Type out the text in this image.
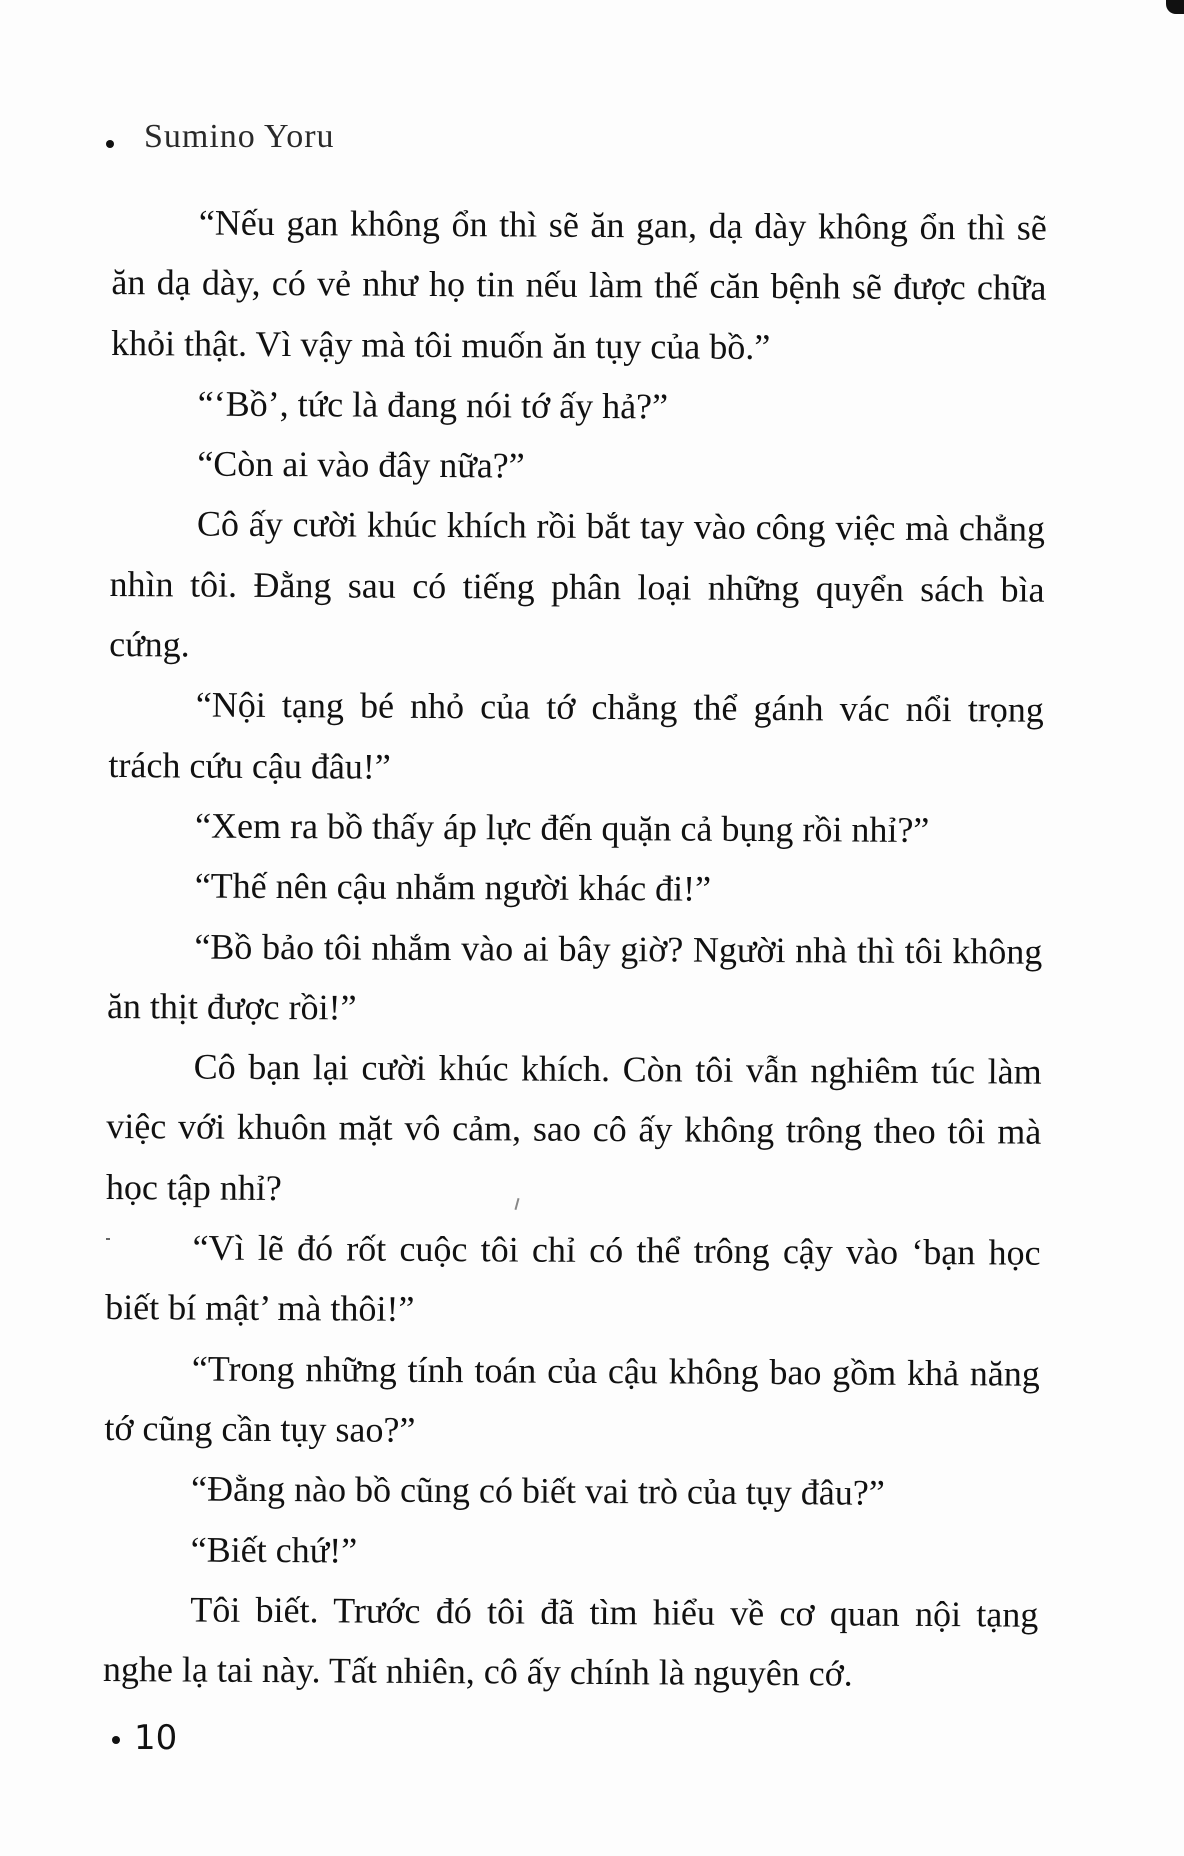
Sumino Yoru

“Nếu gan không ổn thì sẽ ăn gan, dạ dày không ổn thì sẽ ăn dạ dày, có vẻ như họ tin nếu làm thế căn bệnh sẽ được chữa khỏi thật. Vì vậy mà tôi muốn ăn tụy của bồ.”

“‘Bồ’, tức là đang nói tớ ấy hả?”

“Còn ai vào đây nữa?”

Cô ấy cười khúc khích rồi bắt tay vào công việc mà chẳng nhìn tôi. Đằng sau có tiếng phân loại những quyển sách bìa cứng.

“Nội tạng bé nhỏ của tớ chẳng thể gánh vác nổi trọng trách cứu cậu đâu!”

“Xem ra bồ thấy áp lực đến quặn cả bụng rồi nhỉ?”

“Thế nên cậu nhắm người khác đi!”

“Bồ bảo tôi nhắm vào ai bây giờ? Người nhà thì tôi không ăn thịt được rồi!”

Cô bạn lại cười khúc khích. Còn tôi vẫn nghiêm túc làm việc với khuôn mặt vô cảm, sao cô ấy không trông theo tôi mà học tập nhỉ?

“Vì lẽ đó rốt cuộc tôi chỉ có thể trông cậy vào ‘bạn học biết bí mật’ mà thôi!”

“Trong những tính toán của cậu không bao gồm khả năng tớ cũng cần tụy sao?”

“Đằng nào bồ cũng có biết vai trò của tụy đâu?”

“Biết chứ!”

Tôi biết. Trước đó tôi đã tìm hiểu về cơ quan nội tạng nghe lạ tai này. Tất nhiên, cô ấy chính là nguyên cớ.

10
